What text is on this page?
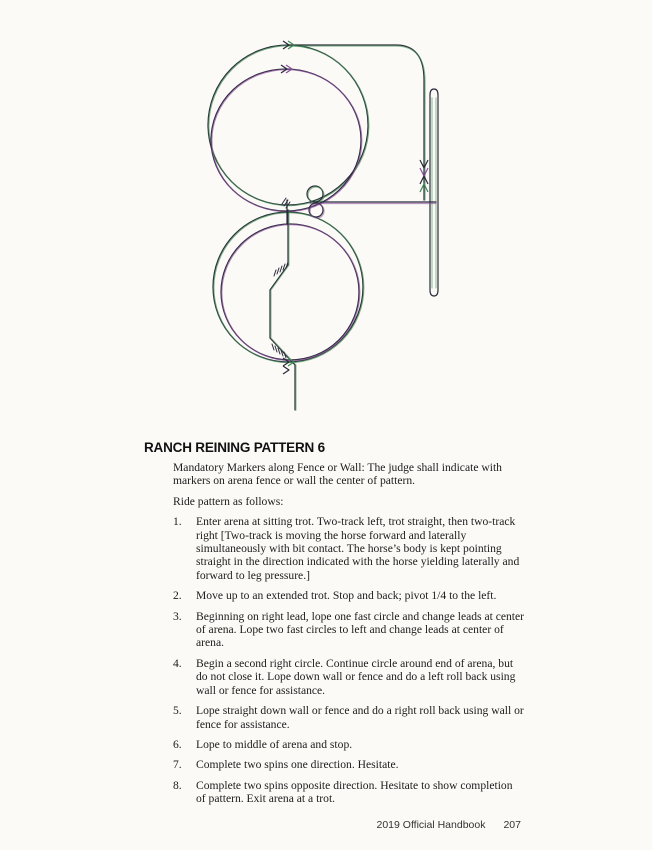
RANCH REINING PATTERN 6

Mandatory Markers along Fence or Wall: The judge shall indicate with markers on arena fence or wall the center of pattern.

Ride pattern as follows:

1. Enter arena at sitting trot. Two-track left, trot straight, then two-track right [Two-track is moving the horse forward and laterally simultaneously with bit contact. The horse’s body is kept pointing straight in the direction indicated with the horse yielding laterally and forward to leg pressure.]
2. Move up to an extended trot. Stop and back; pivot 1/4 to the left.
3. Beginning on right lead, lope one fast circle and change leads at center of arena. Lope two fast circles to left and change leads at center of arena.
4. Begin a second right circle. Continue circle around end of arena, but do not close it. Lope down wall or fence and do a left roll back using wall or fence for assistance.
5. Lope straight down wall or fence and do a right roll back using wall or fence for assistance.
6. Lope to middle of arena and stop.
7. Complete two spins one direction. Hesitate.
8. Complete two spins opposite direction. Hesitate to show completion of pattern. Exit arena at a trot.
2019 Official Handbook 207
